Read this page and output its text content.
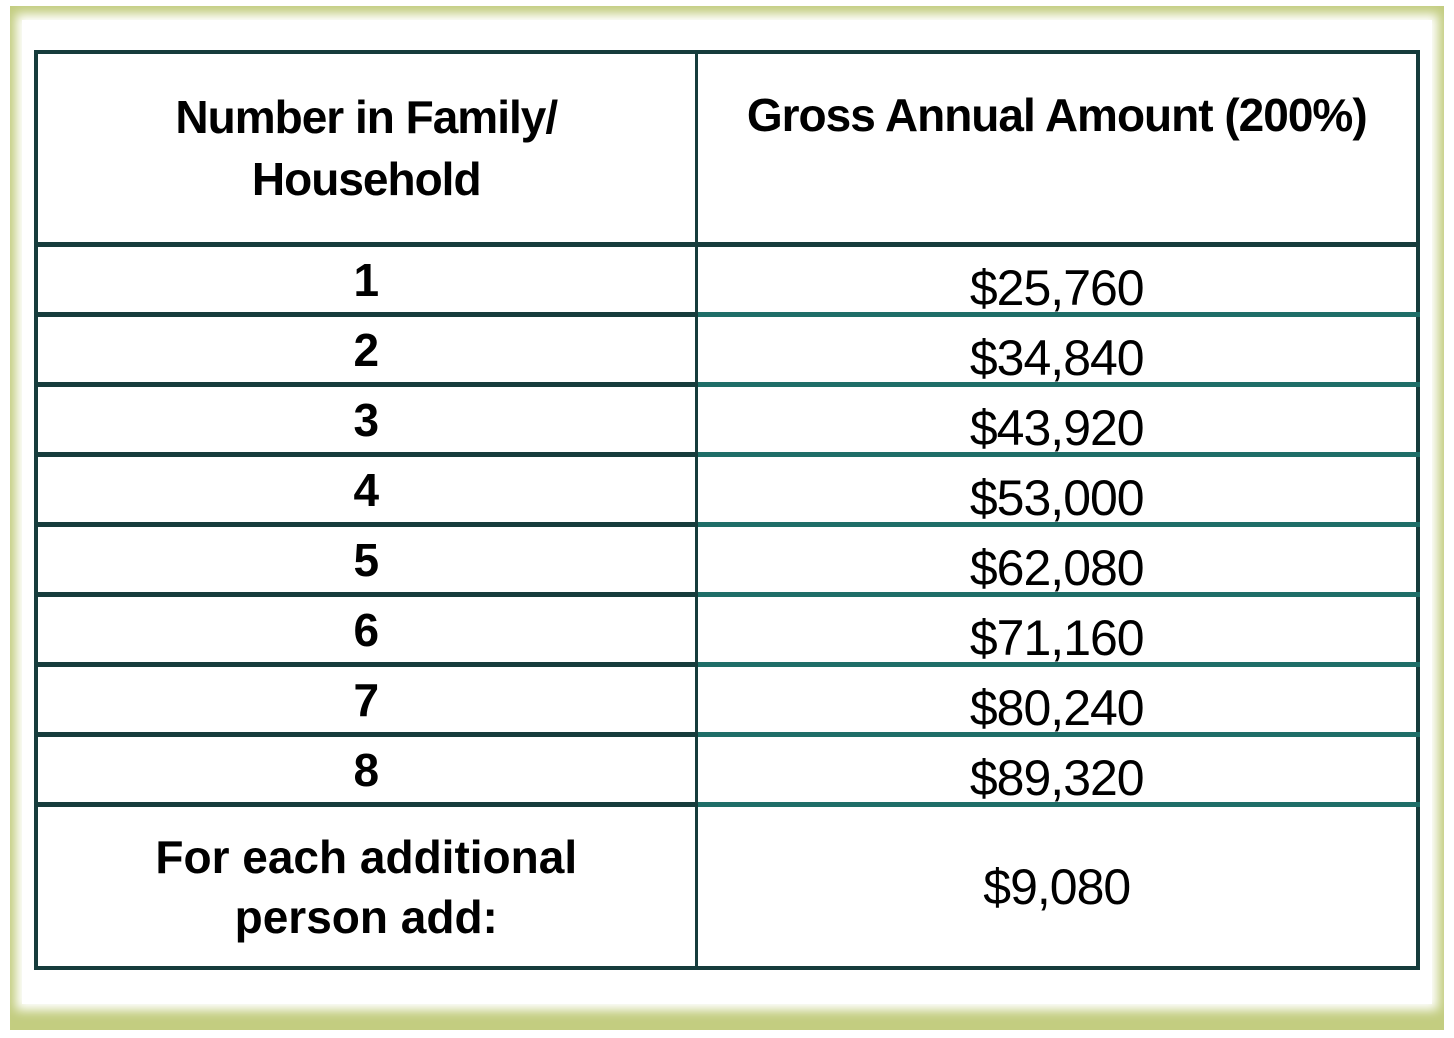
Number in Family/
Household	Gross Annual Amount (200%)
1	$25,760
2	$34,840
3	$43,920
4	$53,000
5	$62,080
6	$71,160
7	$80,240
8	$89,320
For each additional
person add:	$9,080
